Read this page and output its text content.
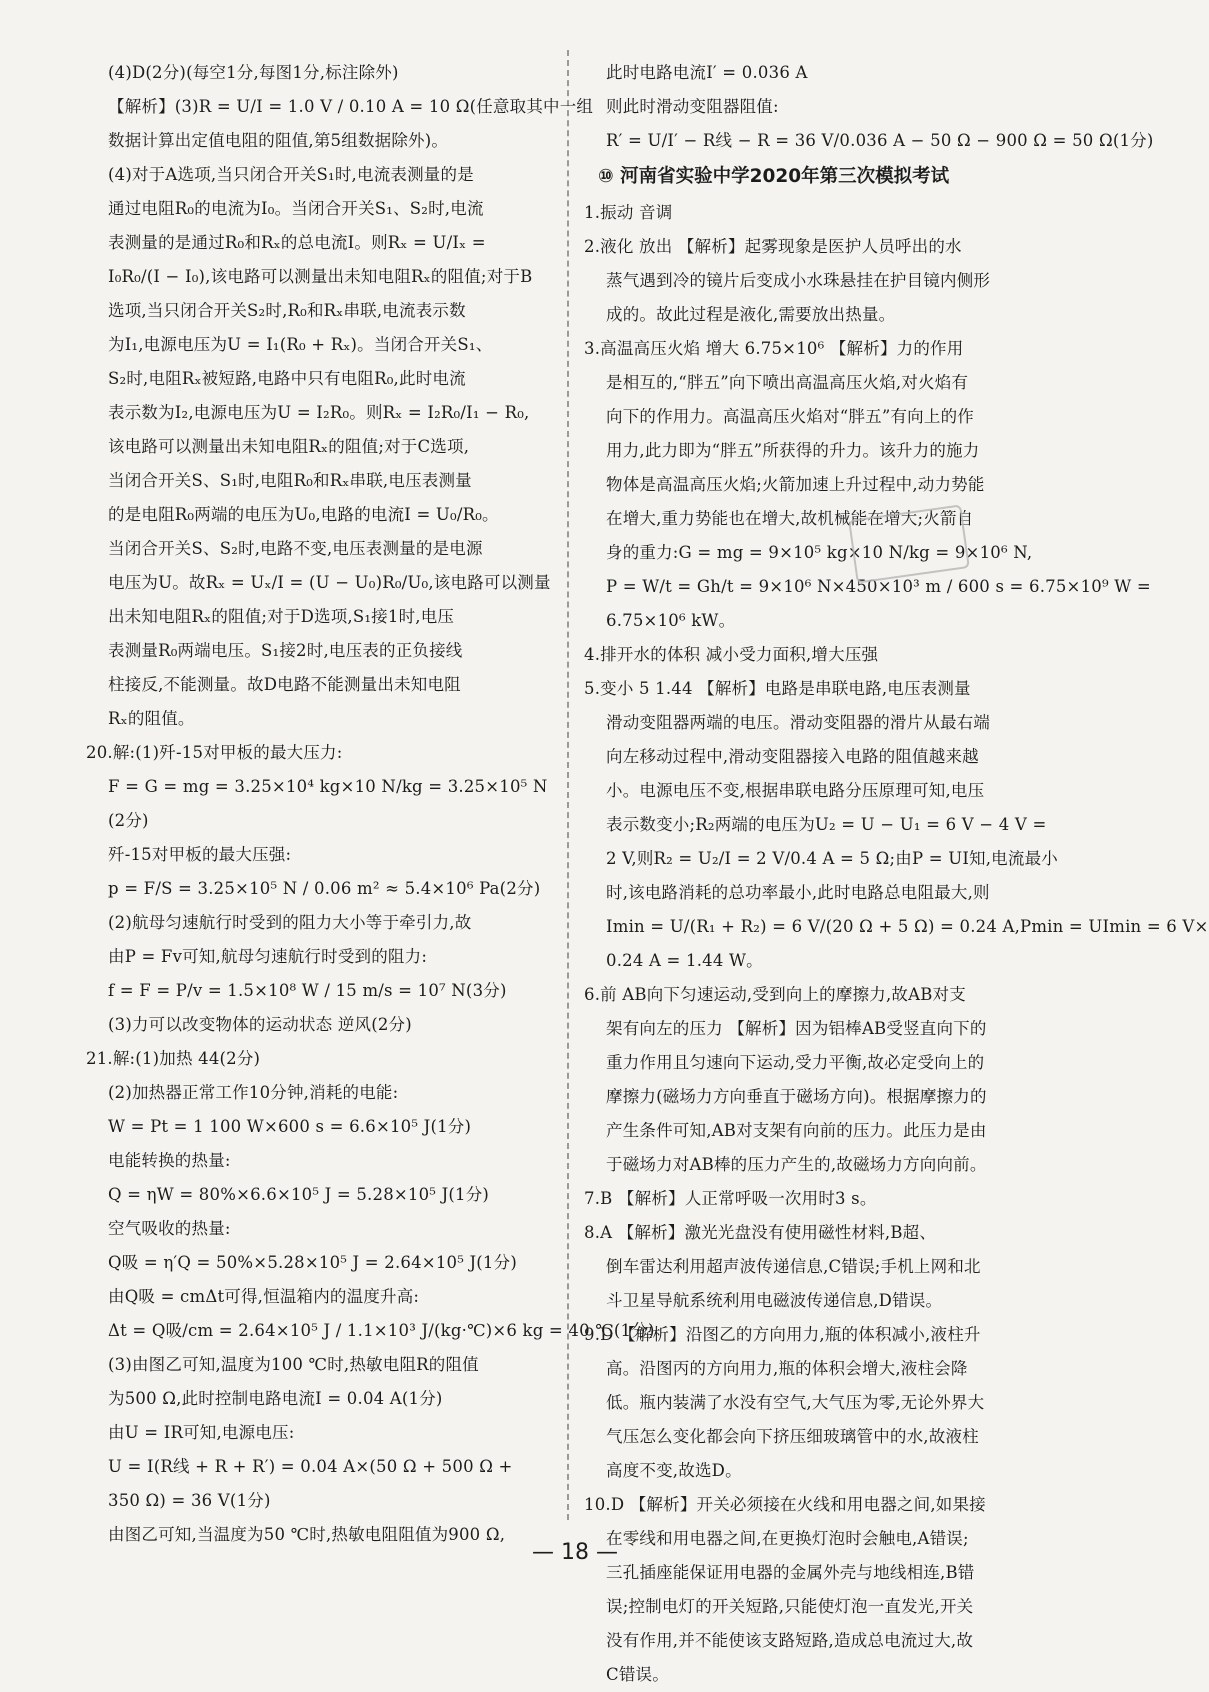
(4)D(2分)(每空1分,每图1分,标注除外)
【解析】(3)R = U/I = 1.0 V / 0.10 A = 10 Ω(任意取其中一组
数据计算出定值电阻的阻值,第5组数据除外)。
(4)对于A选项,当只闭合开关S₁时,电流表测量的是
通过电阻R₀的电流为I₀。当闭合开关S₁、S₂时,电流
表测量的是通过R₀和Rₓ的总电流I。则Rₓ = U/Iₓ =
I₀R₀/(I − I₀),该电路可以测量出未知电阻Rₓ的阻值;对于B
选项,当只闭合开关S₂时,R₀和Rₓ串联,电流表示数
为I₁,电源电压为U = I₁(R₀ + Rₓ)。当闭合开关S₁、
S₂时,电阻Rₓ被短路,电路中只有电阻R₀,此时电流
表示数为I₂,电源电压为U = I₂R₀。则Rₓ = I₂R₀/I₁ − R₀,
该电路可以测量出未知电阻Rₓ的阻值;对于C选项,
当闭合开关S、S₁时,电阻R₀和Rₓ串联,电压表测量
的是电阻R₀两端的电压为U₀,电路的电流I = U₀/R₀。
当闭合开关S、S₂时,电路不变,电压表测量的是电源
电压为U。故Rₓ = Uₓ/I = (U − U₀)R₀/U₀,该电路可以测量
出未知电阻Rₓ的阻值;对于D选项,S₁接1时,电压
表测量R₀两端电压。S₁接2时,电压表的正负接线
柱接反,不能测量。故D电路不能测量出未知电阻
Rₓ的阻值。
20.解:(1)歼-15对甲板的最大压力:
F = G = mg = 3.25×10⁴ kg×10 N/kg = 3.25×10⁵ N
(2分)
歼-15对甲板的最大压强:
p = F/S = 3.25×10⁵ N / 0.06 m² ≈ 5.4×10⁶ Pa(2分)
(2)航母匀速航行时受到的阻力大小等于牵引力,故
由P = Fv可知,航母匀速航行时受到的阻力:
f = F = P/v = 1.5×10⁸ W / 15 m/s = 10⁷ N(3分)
(3)力可以改变物体的运动状态 逆风(2分)
21.解:(1)加热 44(2分)
(2)加热器正常工作10分钟,消耗的电能:
W = Pt = 1 100 W×600 s = 6.6×10⁵ J(1分)
电能转换的热量:
Q = ηW = 80%×6.6×10⁵ J = 5.28×10⁵ J(1分)
空气吸收的热量:
Q吸 = η′Q = 50%×5.28×10⁵ J = 2.64×10⁵ J(1分)
由Q吸 = cmΔt可得,恒温箱内的温度升高:
Δt = Q吸/cm = 2.64×10⁵ J / 1.1×10³ J/(kg·℃)×6 kg = 40 ℃(1分)
(3)由图乙可知,温度为100 ℃时,热敏电阻R的阻值
为500 Ω,此时控制电路电流I = 0.04 A(1分)
由U = IR可知,电源电压:
U = I(R线 + R + R′) = 0.04 A×(50 Ω + 500 Ω +
350 Ω) = 36 V(1分)
由图乙可知,当温度为50 ℃时,热敏电阻阻值为900 Ω,
此时电路电流I′ = 0.036 A
则此时滑动变阻器阻值:
R′ = U/I′ − R线 − R = 36 V/0.036 A − 50 Ω − 900 Ω = 50 Ω(1分)
⑩ 河南省实验中学2020年第三次模拟考试
1.振动 音调
2.液化 放出 【解析】起雾现象是医护人员呼出的水
蒸气遇到冷的镜片后变成小水珠悬挂在护目镜内侧形
成的。故此过程是液化,需要放出热量。
3.高温高压火焰 增大 6.75×10⁶ 【解析】力的作用
是相互的,“胖五”向下喷出高温高压火焰,对火焰有
向下的作用力。高温高压火焰对“胖五”有向上的作
用力,此力即为“胖五”所获得的升力。该升力的施力
物体是高温高压火焰;火箭加速上升过程中,动力势能
在增大,重力势能也在增大,故机械能在增大;火箭自
身的重力:G = mg = 9×10⁵ kg×10 N/kg = 9×10⁶ N,
P = W/t = Gh/t = 9×10⁶ N×450×10³ m / 600 s = 6.75×10⁹ W =
6.75×10⁶ kW。
4.排开水的体积 减小受力面积,增大压强
5.变小 5 1.44 【解析】电路是串联电路,电压表测量
滑动变阻器两端的电压。滑动变阻器的滑片从最右端
向左移动过程中,滑动变阻器接入电路的阻值越来越
小。电源电压不变,根据串联电路分压原理可知,电压
表示数变小;R₂两端的电压为U₂ = U − U₁ = 6 V − 4 V =
2 V,则R₂ = U₂/I = 2 V/0.4 A = 5 Ω;由P = UI知,电流最小
时,该电路消耗的总功率最小,此时电路总电阻最大,则
Imin = U/(R₁ + R₂) = 6 V/(20 Ω + 5 Ω) = 0.24 A,Pmin = UImin = 6 V×
0.24 A = 1.44 W。
6.前 AB向下匀速运动,受到向上的摩擦力,故AB对支
架有向左的压力 【解析】因为铝棒AB受竖直向下的
重力作用且匀速向下运动,受力平衡,故必定受向上的
摩擦力(磁场力方向垂直于磁场方向)。根据摩擦力的
产生条件可知,AB对支架有向前的压力。此压力是由
于磁场力对AB棒的压力产生的,故磁场力方向向前。
7.B 【解析】人正常呼吸一次用时3 s。
8.A 【解析】激光光盘没有使用磁性材料,B超、
倒车雷达利用超声波传递信息,C错误;手机上网和北
斗卫星导航系统利用电磁波传递信息,D错误。
9.D 【解析】沿图乙的方向用力,瓶的体积减小,液柱升
高。沿图丙的方向用力,瓶的体积会增大,液柱会降
低。瓶内装满了水没有空气,大气压为零,无论外界大
气压怎么变化都会向下挤压细玻璃管中的水,故液柱
高度不变,故选D。
10.D 【解析】开关必须接在火线和用电器之间,如果接
在零线和用电器之间,在更换灯泡时会触电,A错误;
三孔插座能保证用电器的金属外壳与地线相连,B错
误;控制电灯的开关短路,只能使灯泡一直发光,开关
没有作用,并不能使该支路短路,造成总电流过大,故
C错误。
— 18 —
